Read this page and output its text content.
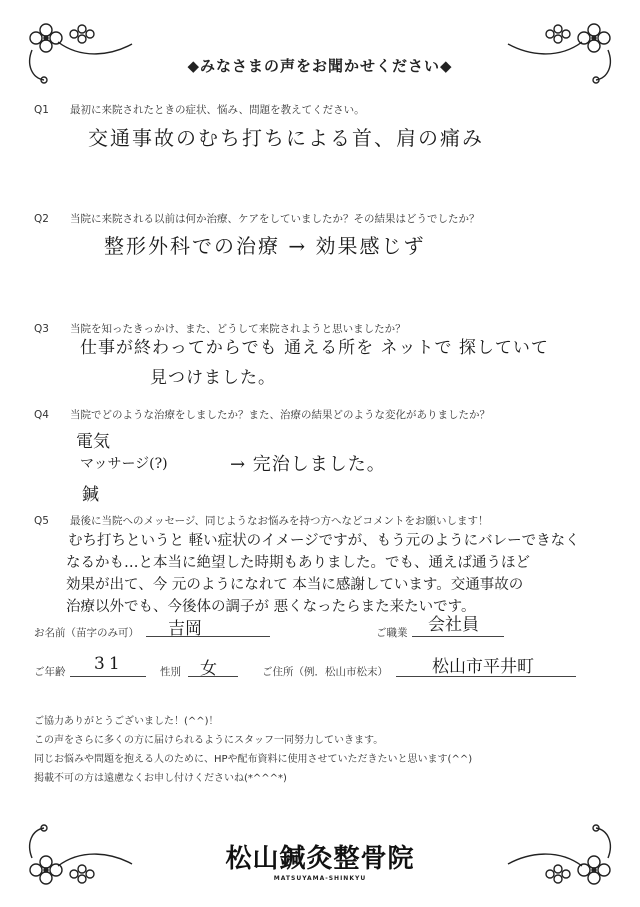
◆みなさまの声をお聞かせください◆
Q1 最初に来院されたときの症状、悩み、問題を教えてください。
交通事故のむち打ちによる首、肩の痛み
Q2 当院に来院される以前は何か治療、ケアをしていましたか？その結果はどうでしたか？
整形外科での治療 → 効果感じず
Q3 当院を知ったきっかけ、また、どうして来院されようと思いましたか？
仕事が終わってからでも 通える所を ネットで 探していて
見つけました。
Q4 当院でどのような治療をしましたか？また、治療の結果どのような変化がありましたか？
電気
マッサージ(?)	→ 完治しました。
鍼
Q5 最後に当院へのメッセージ、同じようなお悩みを持つ方へなどコメントをお願いします！
むち打ちというと 軽い症状のイメージですが、もう元のようにバレーできなく
なるかも…と本当に絶望した時期もありました。でも、通えば通うほど
効果が出て、今 元のようになれて 本当に感謝しています。交通事故の
治療以外でも、今後体の調子が 悪くなったらまた来たいです。
お名前（苗字のみ可） 吉岡	ご職業 会社員
ご年齢 31	性別 女	ご住所（例．松山市松末）	松山市平井町
ご協力ありがとうございました！(^^)！
この声をさらに多くの方に届けられるようにスタッフ一同努力していきます。
同じお悩みや問題を抱える人のために、HPや配布資料に使用させていただきたいと思います(^^)
掲載不可の方は遠慮なくお申し付けくださいね(*^^^*)
松山鍼灸整骨院
MATSUYAMA-SHINKYU
